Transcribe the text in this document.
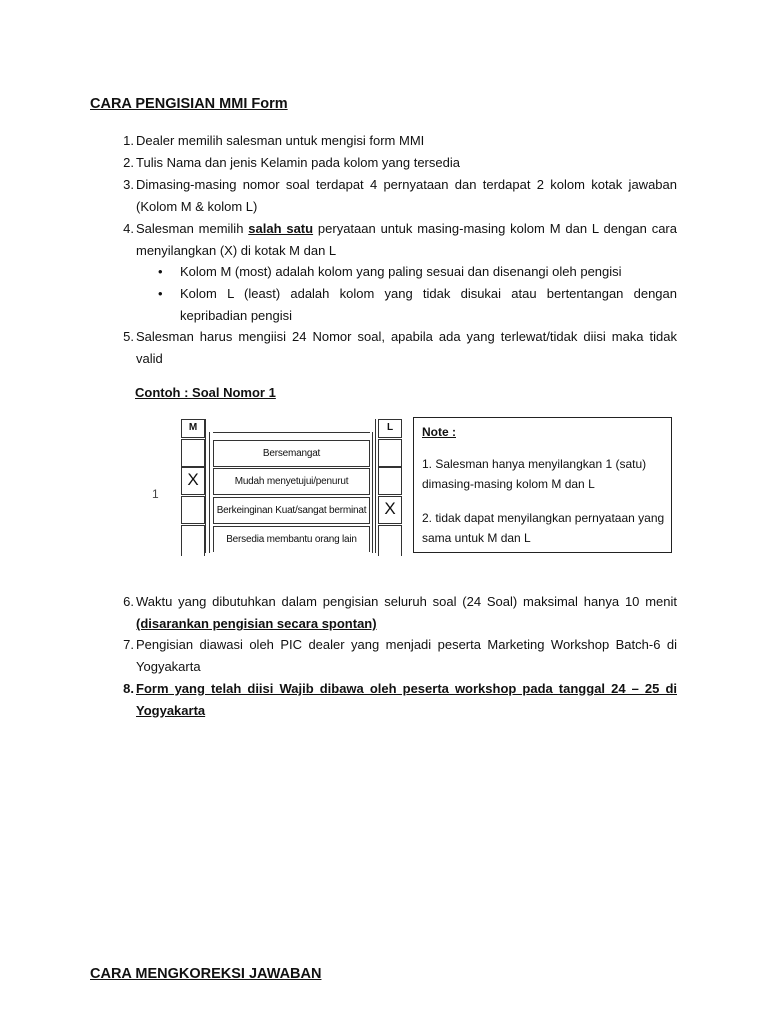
CARA PENGISIAN MMI Form
1. Dealer memilih salesman untuk mengisi form MMI
2. Tulis Nama dan jenis Kelamin pada kolom yang tersedia
3. Dimasing-masing nomor soal terdapat 4 pernyataan dan terdapat 2 kolom kotak jawaban (Kolom M & kolom L)
4. Salesman memilih salah satu peryataan untuk masing-masing kolom M dan L dengan cara menyilangkan (X) di kotak M dan L
• Kolom M (most) adalah kolom yang paling sesuai dan disenangi oleh pengisi
• Kolom L (least) adalah kolom yang tidak disukai atau bertentangan dengan kepribadian pengisi
5. Salesman harus mengiisi 24 Nomor soal, apabila ada yang terlewat/tidak diisi maka tidak valid
Contoh : Soal Nomor 1
1
M
X
Bersemangat
Mudah menyetujui/penurut
Berkeinginan Kuat/sangat berminat
Bersedia membantu orang lain
L
X
Note :
1. Salesman hanya menyilangkan 1 (satu) dimasing-masing kolom M dan L
2. tidak dapat menyilangkan pernyataan yang sama untuk M dan L
6. Waktu yang dibutuhkan dalam pengisian seluruh soal (24 Soal) maksimal hanya 10 menit (disarankan pengisian secara spontan)
7. Pengisian diawasi oleh PIC dealer yang menjadi peserta Marketing Workshop Batch-6 di Yogyakarta
8. Form yang telah diisi Wajib dibawa oleh peserta workshop pada tanggal 24 – 25 di Yogyakarta
CARA MENGKOREKSI JAWABAN
